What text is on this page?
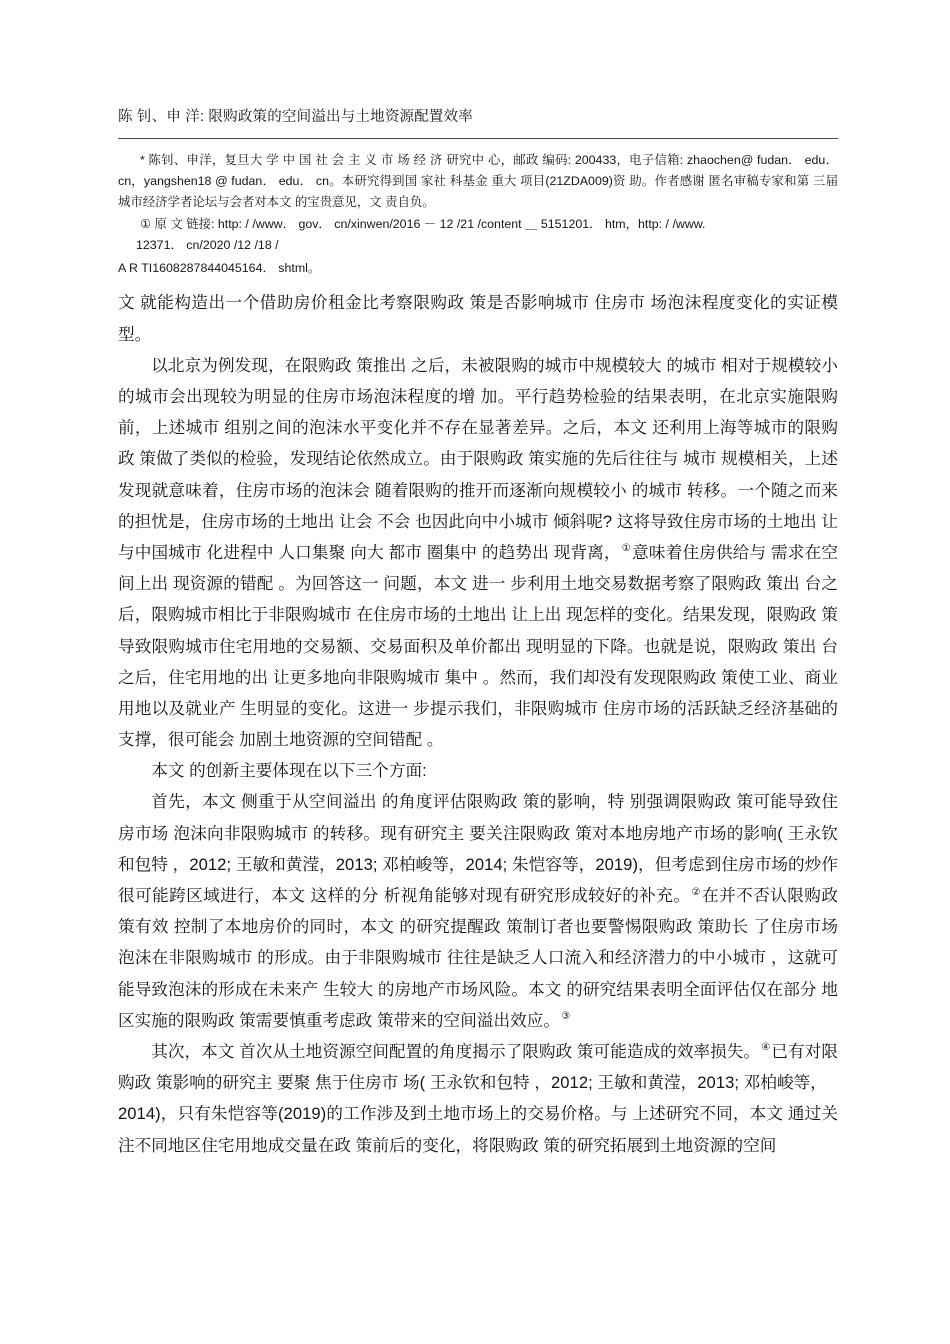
陈 钊、申 洋: 限购政策的空间溢出与土地资源配置效率
* 陈钊、申洋，复旦大 学 中 国 社 会 主 义 市 场 经 济 研究中 心，邮政 编码: 200433，电子信箱: zhaochen@ fudan． edu． cn，yangshen18 @ fudan． edu． cn。本研究得到国 家社 科基金 重大 项目(21ZDA009)资 助。作者感谢 匿名审稿专家和第 三届城市经济学者论坛与会者对本文 的宝贵意见，文 责自负。
① 原 文 链接: http: / /www． gov． cn/xinwen/2016 － 12 /21 /content ＿ 5151201． htm，http: / /www.
12371． cn/2020 /12 /18 /
A R TI1608287844045164． shtml。

文 就能构造出一个借助房价租金比考察限购政 策是否影响城市 住房市 场泡沫程度变化的实证模型。

以北京为例发现，在限购政 策推出 之后，未被限购的城市中规模较大 的城市 相对于规模较小 的城市会出现较为明显的住房市场泡沫程度的增 加。平行趋势检验的结果表明，在北京实施限购前，上述城市 组别之间的泡沫水平变化并不存在显著差异。之后，本文 还利用上海等城市的限购政 策做了类似的检验，发现结论依然成立。由于限购政 策实施的先后往往与 城市 规模相关，上述发现就意味着，住房市场的泡沫会 随着限购的推开而逐渐向规模较小 的城市 转移。一个随之而来的担忧是，住房市场的土地出 让会 不会 也因此向中小城市 倾斜呢? 这将导致住房市场的土地出 让与中国城市 化进程中 人口集聚 向大 都市 圈集中 的趋势出 现背离，①意味着住房供给与 需求在空间上出 现资源的错配 。为回答这一 问题，本文 进一 步利用土地交易数据考察了限购政 策出 台之后，限购城市相比于非限购城市 在住房市场的土地出 让上出 现怎样的变化。结果发现，限购政 策导致限购城市住宅用地的交易额、交易面积及单价都出 现明显的下降。也就是说，限购政 策出 台之后，住宅用地的出 让更多地向非限购城市 集中 。然而，我们却没有发现限购政 策使工业、商业用地以及就业产 生明显的变化。这进一 步提示我们，非限购城市 住房市场的活跃缺乏经济基础的支撑，很可能会 加剧土地资源的空间错配 。

本文 的创新主要体现在以下三个方面:

首先，本文 侧重于从空间溢出 的角度评估限购政 策的影响，特 别强调限购政 策可能导致住房市场 泡沫向非限购城市 的转移。现有研究主 要关注限购政 策对本地房地产市场的影响( 王永钦和包特 ，2012; 王敏和黄滢，2013; 邓柏峻等，2014; 朱恺容等，2019)，但考虑到住房市场的炒作很可能跨区域进行，本文 这样的分 析视角能够对现有研究形成较好的补充。②在并不否认限购政 策有效 控制了本地房价的同时，本文 的研究提醒政 策制订者也要警惕限购政 策助长 了住房市场泡沫在非限购城市 的形成。由于非限购城市 往往是缺乏人口流入和经济潜力的中小城市 ，这就可能导致泡沫的形成在未来产 生较大 的房地产市场风险。本文 的研究结果表明全面评估仅在部分 地区实施的限购政 策需要慎重考虑政 策带来的空间溢出效应。③

其次，本文 首次从土地资源空间配置的角度揭示了限购政 策可能造成的效率损失。④已有对限购政 策影响的研究主 要聚 焦于住房市 场( 王永钦和包特 ，2012; 王敏和黄滢，2013; 邓柏峻等，

2014)，只有朱恺容等(2019)的工作涉及到土地市场上的交易价格。与 上述研究不同，本文 通过关注不同地区住宅用地成交量在政 策前后的变化，将限购政 策的研究拓展到土地资源的空间
